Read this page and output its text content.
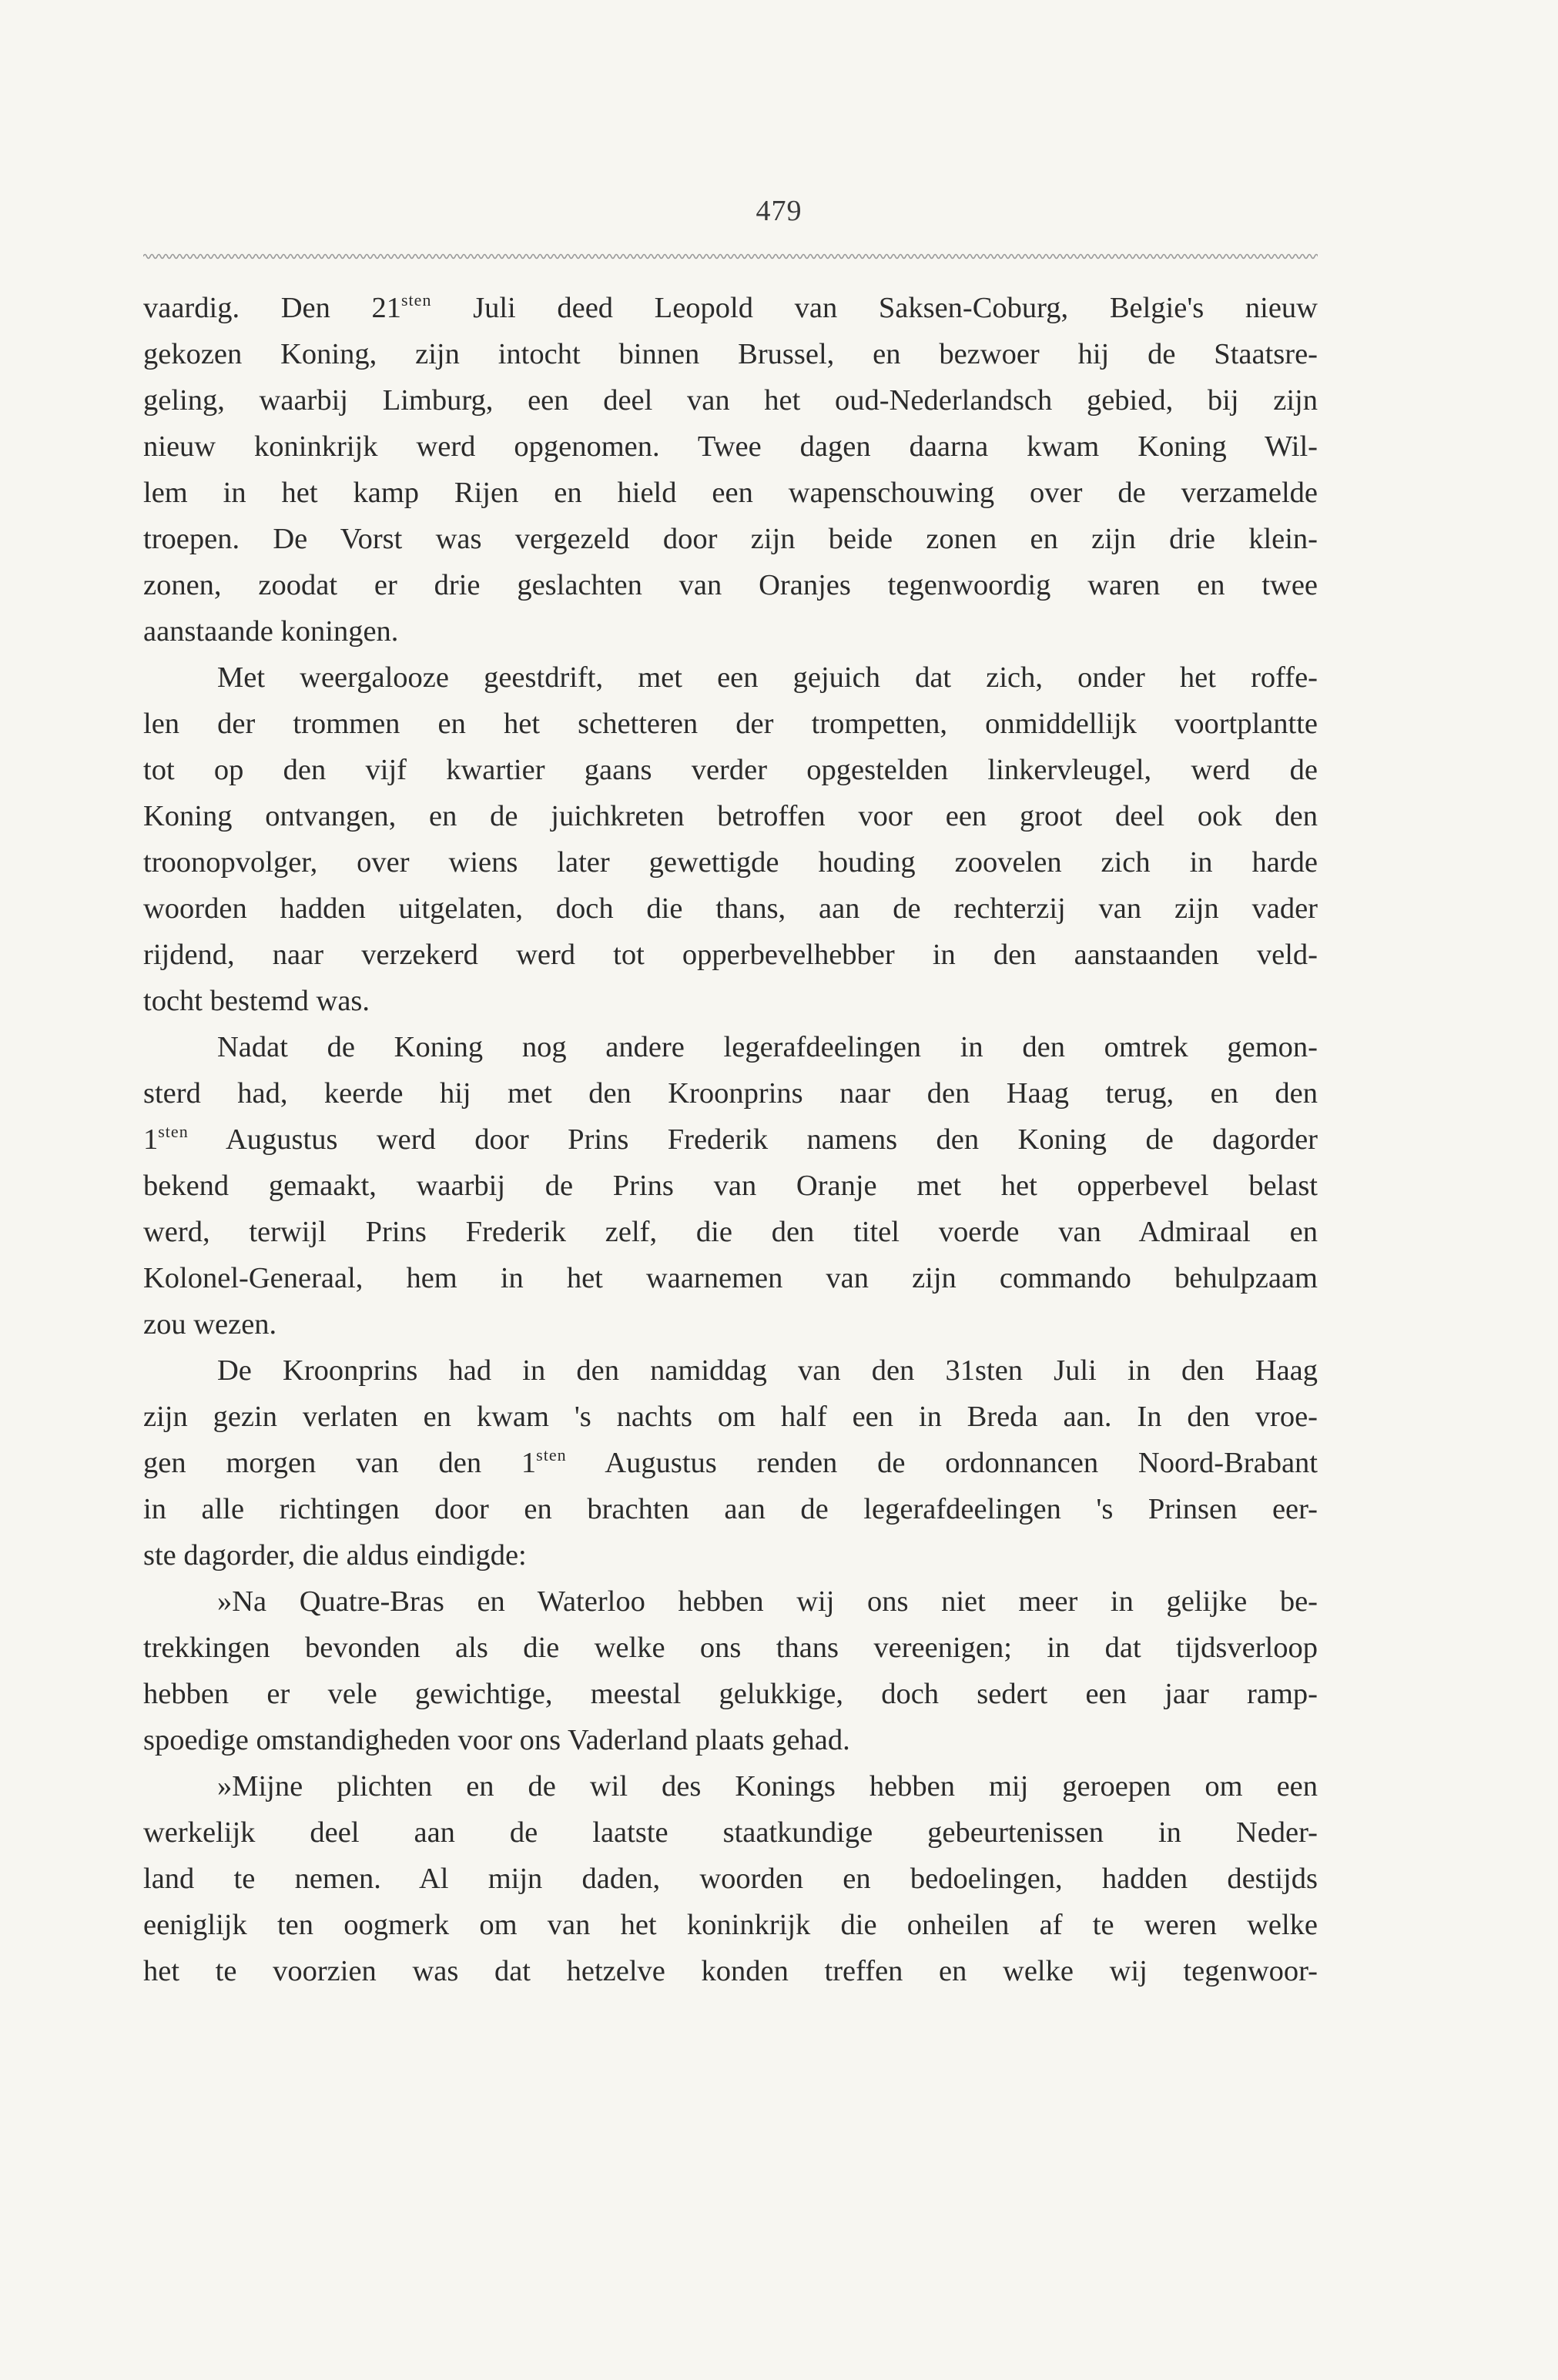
479
vaardig. Den $21^{sten}$ Juli deed Leopold van Saksen-Coburg, Belgie's nieuw
gekozen Koning, zijn intocht binnen Brussel, en bezwoer hij de Staatsre-
geling, waarbij Limburg, een deel van het oud-Nederlandsch gebied, bij zijn
nieuw koninkrijk werd opgenomen. Twee dagen daarna kwam Koning Wil-
lem in het kamp Rijen en hield een wapenschouwing over de verzamelde
troepen. De Vorst was vergezeld door zijn beide zonen en zijn drie klein-
zonen, zoodat er drie geslachten van Oranjes tegenwoordig waren en twee
aanstaande koningen.
Met weergalooze geestdrift, met een gejuich dat zich, onder het roffe-
len der trommen en het schetteren der trompetten, onmiddellijk voortplantte
tot op den vijf kwartier gaans verder opgestelden linkervleugel, werd de
Koning ontvangen, en de juichkreten betroffen voor een groot deel ook den
troonopvolger, over wiens later gewettigde houding zoovelen zich in harde
woorden hadden uitgelaten, doch die thans, aan de rechterzij van zijn vader
rijdend, naar verzekerd werd tot opperbevelhebber in den aanstaanden veld-
tocht bestemd was.
Nadat de Koning nog andere legerafdeelingen in den omtrek gemon-
sterd had, keerde hij met den Kroonprins naar den Haag terug, en den
$1^{sten}$ Augustus werd door Prins Frederik namens den Koning de dagorder
bekend gemaakt, waarbij de Prins van Oranje met het opperbevel belast
werd, terwijl Prins Frederik zelf, die den titel voerde van Admiraal en
Kolonel-Generaal, hem in het waarnemen van zijn commando behulpzaam
zou wezen.
De Kroonprins had in den namiddag van den 31sten Juli in den Haag
zijn gezin verlaten en kwam 's nachts om half een in Breda aan. In den vroe-
gen morgen van den $1^{sten}$ Augustus renden de ordonnancen Noord-Brabant
in alle richtingen door en brachten aan de legerafdeelingen 's Prinsen eer-
ste dagorder, die aldus eindigde:
»Na Quatre-Bras en Waterloo hebben wij ons niet meer in gelijke be-
trekkingen bevonden als die welke ons thans vereenigen; in dat tijdsverloop
hebben er vele gewichtige, meestal gelukkige, doch sedert een jaar ramp-
spoedige omstandigheden voor ons Vaderland plaats gehad.
»Mijne plichten en de wil des Konings hebben mij geroepen om een
werkelijk deel aan de laatste staatkundige gebeurtenissen in Neder-
land te nemen. Al mijn daden, woorden en bedoelingen, hadden destijds
eeniglijk ten oogmerk om van het koninkrijk die onheilen af te weren welke
het te voorzien was dat hetzelve konden treffen en welke wij tegenwoor-
